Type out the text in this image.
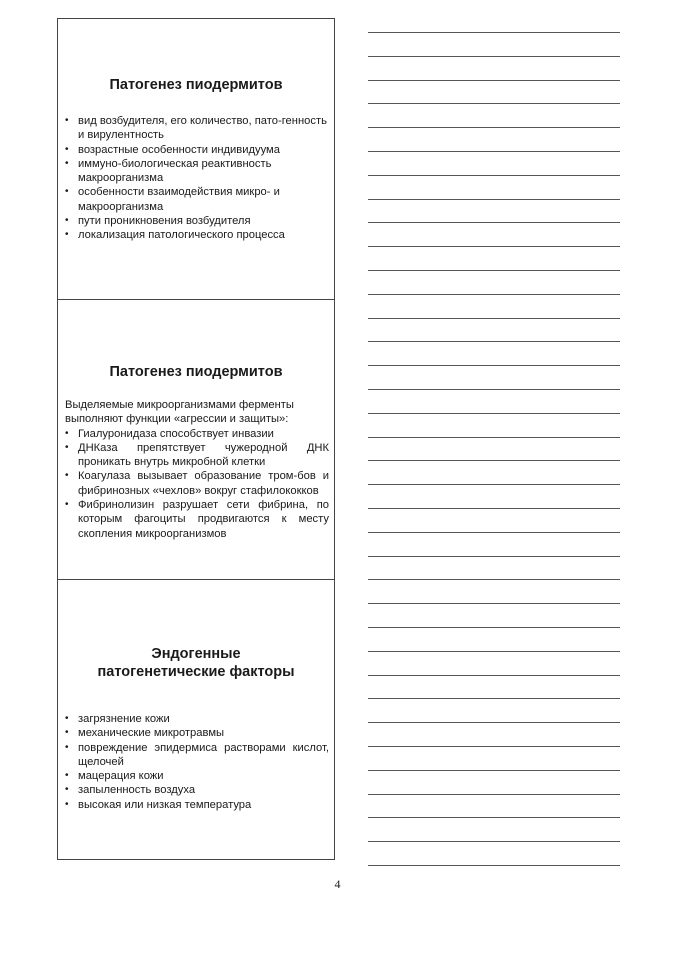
Патогенез пиодермитов
• вид возбудителя, его количество, пато-генность и вирулентность
• возрастные особенности индивидуума
• иммуно-биологическая реактивность макроорганизма
• особенности взаимодействия микро- и макроорганизма
• пути проникновения возбудителя
• локализация патологического процесса
Патогенез пиодермитов

Выделяемые микроорганизмами ферменты выполняют функции «агрессии и защиты»:

• Гиалуронидаза способствует инвазии
• ДНКаза препятствует чужеродной ДНК проникать внутрь микробной клетки
• Коагулаза вызывает образование тром-бов и фибринозных «чехлов» вокруг стафилококков
• Фибринолизин разрушает сети фибрина, по которым фагоциты продвигаются к месту скопления микроорганизмов
Эндогенные
патогенетические факторы
• загрязнение кожи
• механические микротравмы
• повреждение эпидермиса растворами кислот, щелочей
• мацерация кожи
• запыленность воздуха
• высокая или низкая температура
4
